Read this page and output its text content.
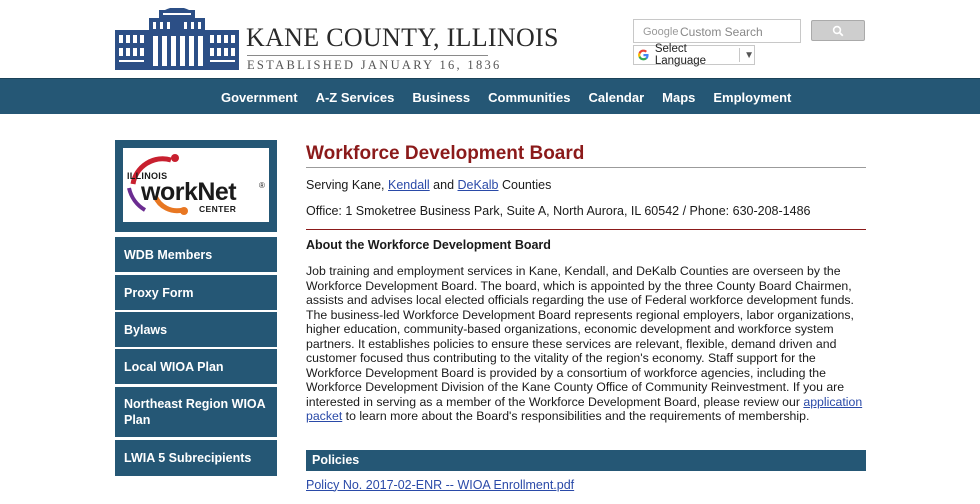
KANE COUNTY, ILLINOIS
ESTABLISHED JANUARY 16, 1836
Google Custom Search
Select Language	▼
Government A-Z Services Business Communities Calendar Maps Employment
ILLINOIS
workNet	®
CENTER
WDB Members
Proxy Form
Bylaws
Local WIOA Plan
Northeast Region WIOA Plan
LWIA 5 Subrecipients
Workforce Development Board
Serving Kane, Kendall and DeKalb Counties
Office: 1 Smoketree Business Park, Suite A, North Aurora, IL 60542 / Phone: 630-208-1486
About the Workforce Development Board
Job training and employment services in Kane, Kendall, and DeKalb Counties are overseen by the Workforce Development Board. The board, which is appointed by the three County Board Chairmen, assists and advises local elected officials regarding the use of Federal workforce development funds. The business-led Workforce Development Board represents regional employers, labor organizations, higher education, community-based organizations, economic development and workforce system partners. It establishes policies to ensure these services are relevant, flexible, demand driven and customer focused thus contributing to the vitality of the region's economy. Staff support for the Workforce Development Board is provided by a consortium of workforce agencies, including the Workforce Development Division of the Kane County Office of Community Reinvestment. If you are interested in serving as a member of the Workforce Development Board, please review our application packet to learn more about the Board's responsibilities and the requirements of membership.
Policies
Policy No. 2017-02-ENR -- WIOA Enrollment.pdf
